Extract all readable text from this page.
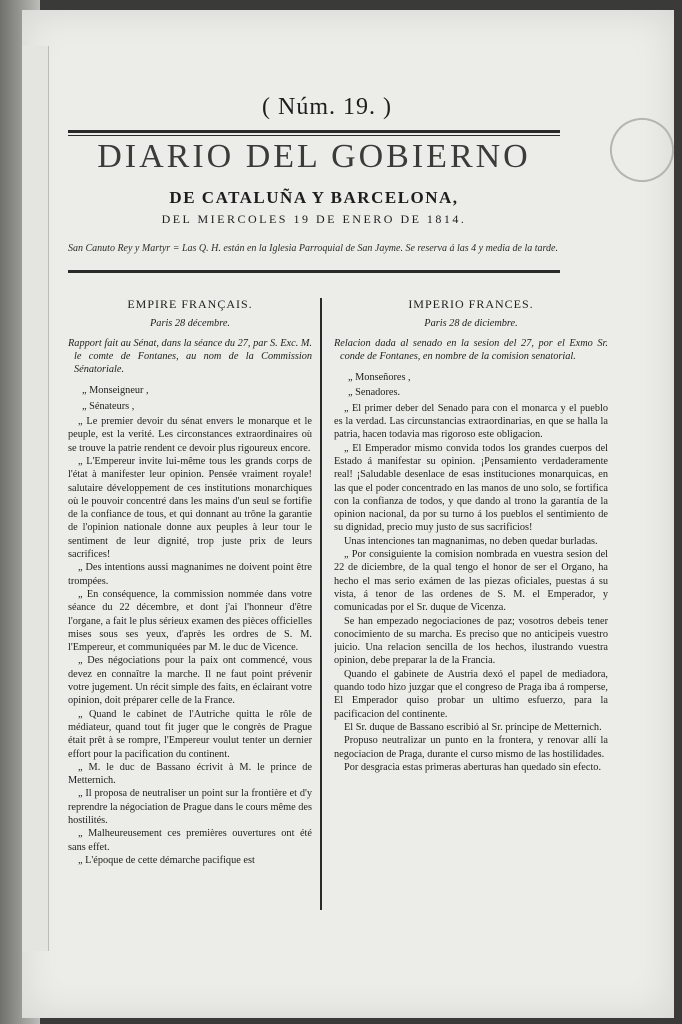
( Núm. 19. )
DIARIO DEL GOBIERNO
DE CATALUÑA Y BARCELONA,
DEL MIERCOLES 19 DE ENERO DE 1814.
San Canuto Rey y Martyr = Las Q. H. están en la Iglesia Parroquial de San Jayme. Se reserva á las 4 y media de la tarde.
EMPIRE FRANÇAIS.
Paris 28 décembre.
Rapport fait au Sénat, dans la séance du 27, par S. Exc. M. le comte de Fontanes, au nom de la Commission Sénatoriale.

„ Monseigneur ,

„ Sénateurs ,

„ Le premier devoir du sénat envers le monarque et le peuple, est la verité. Les circonstances extraordinaires où se trouve la patrie rendent ce devoir plus rigoureux encore.

„ L'Empereur invite lui-même tous les grands corps de l'état à manifester leur opinion. Pensée vraiment royale! salutaire développement de ces institutions monarchiques où le pouvoir concentré dans les mains d'un seul se fortifie de la confiance de tous, et qui donnant au trône la garantie de l'opinion nationale donne aux peuples à leur tour le sentiment de leur dignité, trop juste prix de leurs sacrifices!

„ Des intentions aussi magnanimes ne doivent point être trompées.

„ En conséquence, la commission nommée dans votre séance du 22 décembre, et dont j'ai l'honneur d'être l'organe, a fait le plus sérieux examen des pièces officielles mises sous ses yeux, d'après les ordres de S. M. l'Empereur, et communiquées par M. le duc de Vicence.

„ Des négociations pour la paix ont commencé, vous devez en connaître la marche. Il ne faut point prévenir votre jugement. Un récit simple des faits, en éclairant votre opinion, doit préparer celle de la France.

„ Quand le cabinet de l'Autriche quitta le rôle de médiateur, quand tout fit juger que le congrès de Prague était prêt à se rompre, l'Empereur voulut tenter un dernier effort pour la pacification du continent.

„ M. le duc de Bassano écrivit à M. le prince de Metternich.

„ Il proposa de neutraliser un point sur la frontière et d'y reprendre la négociation de Prague dans le cours même des hostilités.

„ Malheureusement ces premières ouvertures ont été sans effet.

„ L'époque de cette démarche pacifique est

IMPERIO FRANCES.
Paris 28 de diciembre.
Relacion dada al senado en la sesion del 27, por el Exmo Sr. conde de Fontanes, en nombre de la comision senatorial.

„ Monseñores ,

„ Senadores.

„ El primer deber del Senado para con el monarca y el pueblo es la verdad. Las circunstancias extraordinarias, en que se halla la patria, hacen todavia mas rigoroso este obligacion.

„ El Emperador mismo convida todos los grandes cuerpos del Estado á manifestar su opinion. ¡Pensamiento verdaderamente real! ¡Saludable desenlace de esas instituciones monarquicas, en las que el poder concentrado en las manos de uno solo, se fortifica con la confianza de todos, y que dando al trono la garantía de la opinion nacional, da por su turno á los pueblos el sentimiento de su dignidad, precio muy justo de sus sacrificios!

Unas intenciones tan magnanimas, no deben quedar burladas.

„ Por consiguiente la comision nombrada en vuestra sesion del 22 de diciembre, de la qual tengo el honor de ser el Organo, ha hecho el mas serio exámen de las piezas oficiales, puestas á su vista, á tenor de las ordenes de S. M. el Emperador, y comunicadas por el Sr. duque de Vicenza.

Se han empezado negociaciones de paz; vosotros debeis tener conocimiento de su marcha. Es preciso que no anticipeis vuestro juicio. Una relacion sencilla de los hechos, ilustrando vuestra opinion, debe preparar la de la Francia.

Quando el gabinete de Austria dexó el papel de mediadora, quando todo hizo juzgar que el congreso de Praga iba á romperse, El Emperador quiso probar un ultimo esfuerzo, para la pacificacion del continente.

El Sr. duque de Bassano escribió al Sr. príncipe de Metternich.

Propuso neutralizar un punto en la frontera, y renovar allí la negociacion de Praga, durante el curso mismo de las hostilidades.

Por desgracia estas primeras aberturas han quedado sin efecto.
